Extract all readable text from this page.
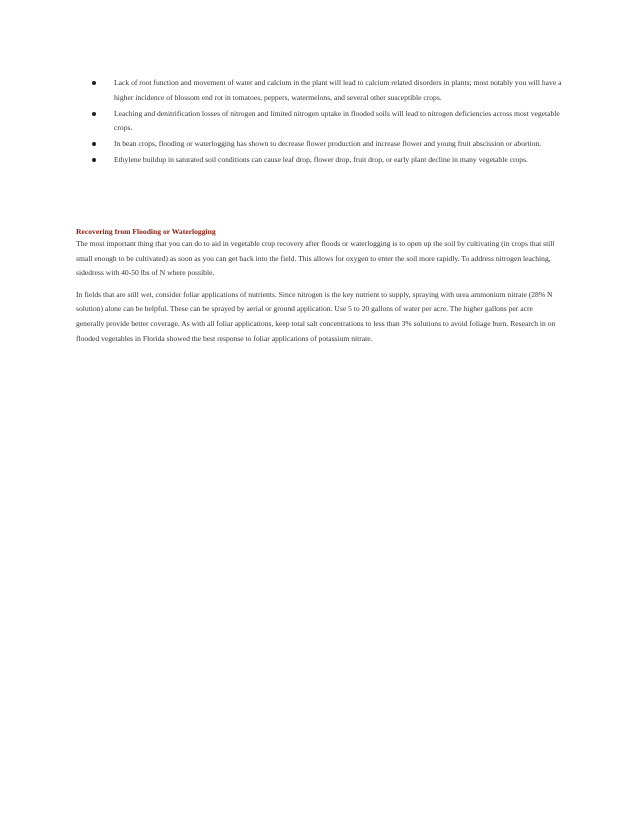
Lack of root function and movement of water and calcium in the plant will lead to calcium related disorders in plants; most notably you will have a higher incidence of blossom end rot in tomatoes, peppers, watermelons, and several other susceptible crops.
Leaching and denitrification losses of nitrogen and limited nitrogen uptake in flooded soils will lead to nitrogen deficiencies across most vegetable crops.
In bean crops, flooding or waterlogging has shown to decrease flower production and increase flower and young fruit abscission or abortion.
Ethylene buildup in saturated soil conditions can cause leaf drop, flower drop, fruit drop, or early plant decline in many vegetable crops.

Recovering from Flooding or Waterlogging

The most important thing that you can do to aid in vegetable crop recovery after floods or waterlogging is to open up the soil by cultivating (in crops that still small enough to be cultivated) as soon as you can get back into the field. This allows for oxygen to enter the soil more rapidly. To address nitrogen leaching, sidedress with 40-50 lbs of N where possible.

In fields that are still wet, consider foliar applications of nutrients. Since nitrogen is the key nutrient to supply, spraying with urea ammonium nitrate (28% N solution) alone can be helpful. These can be sprayed by aerial or ground application. Use 5 to 20 gallons of water per acre. The higher gallons per acre generally provide better coverage. As with all foliar applications, keep total salt concentrations to less than 3% solutions to avoid foliage burn. Research in on flooded vegetables in Florida showed the best response to foliar applications of potassium nitrate.
